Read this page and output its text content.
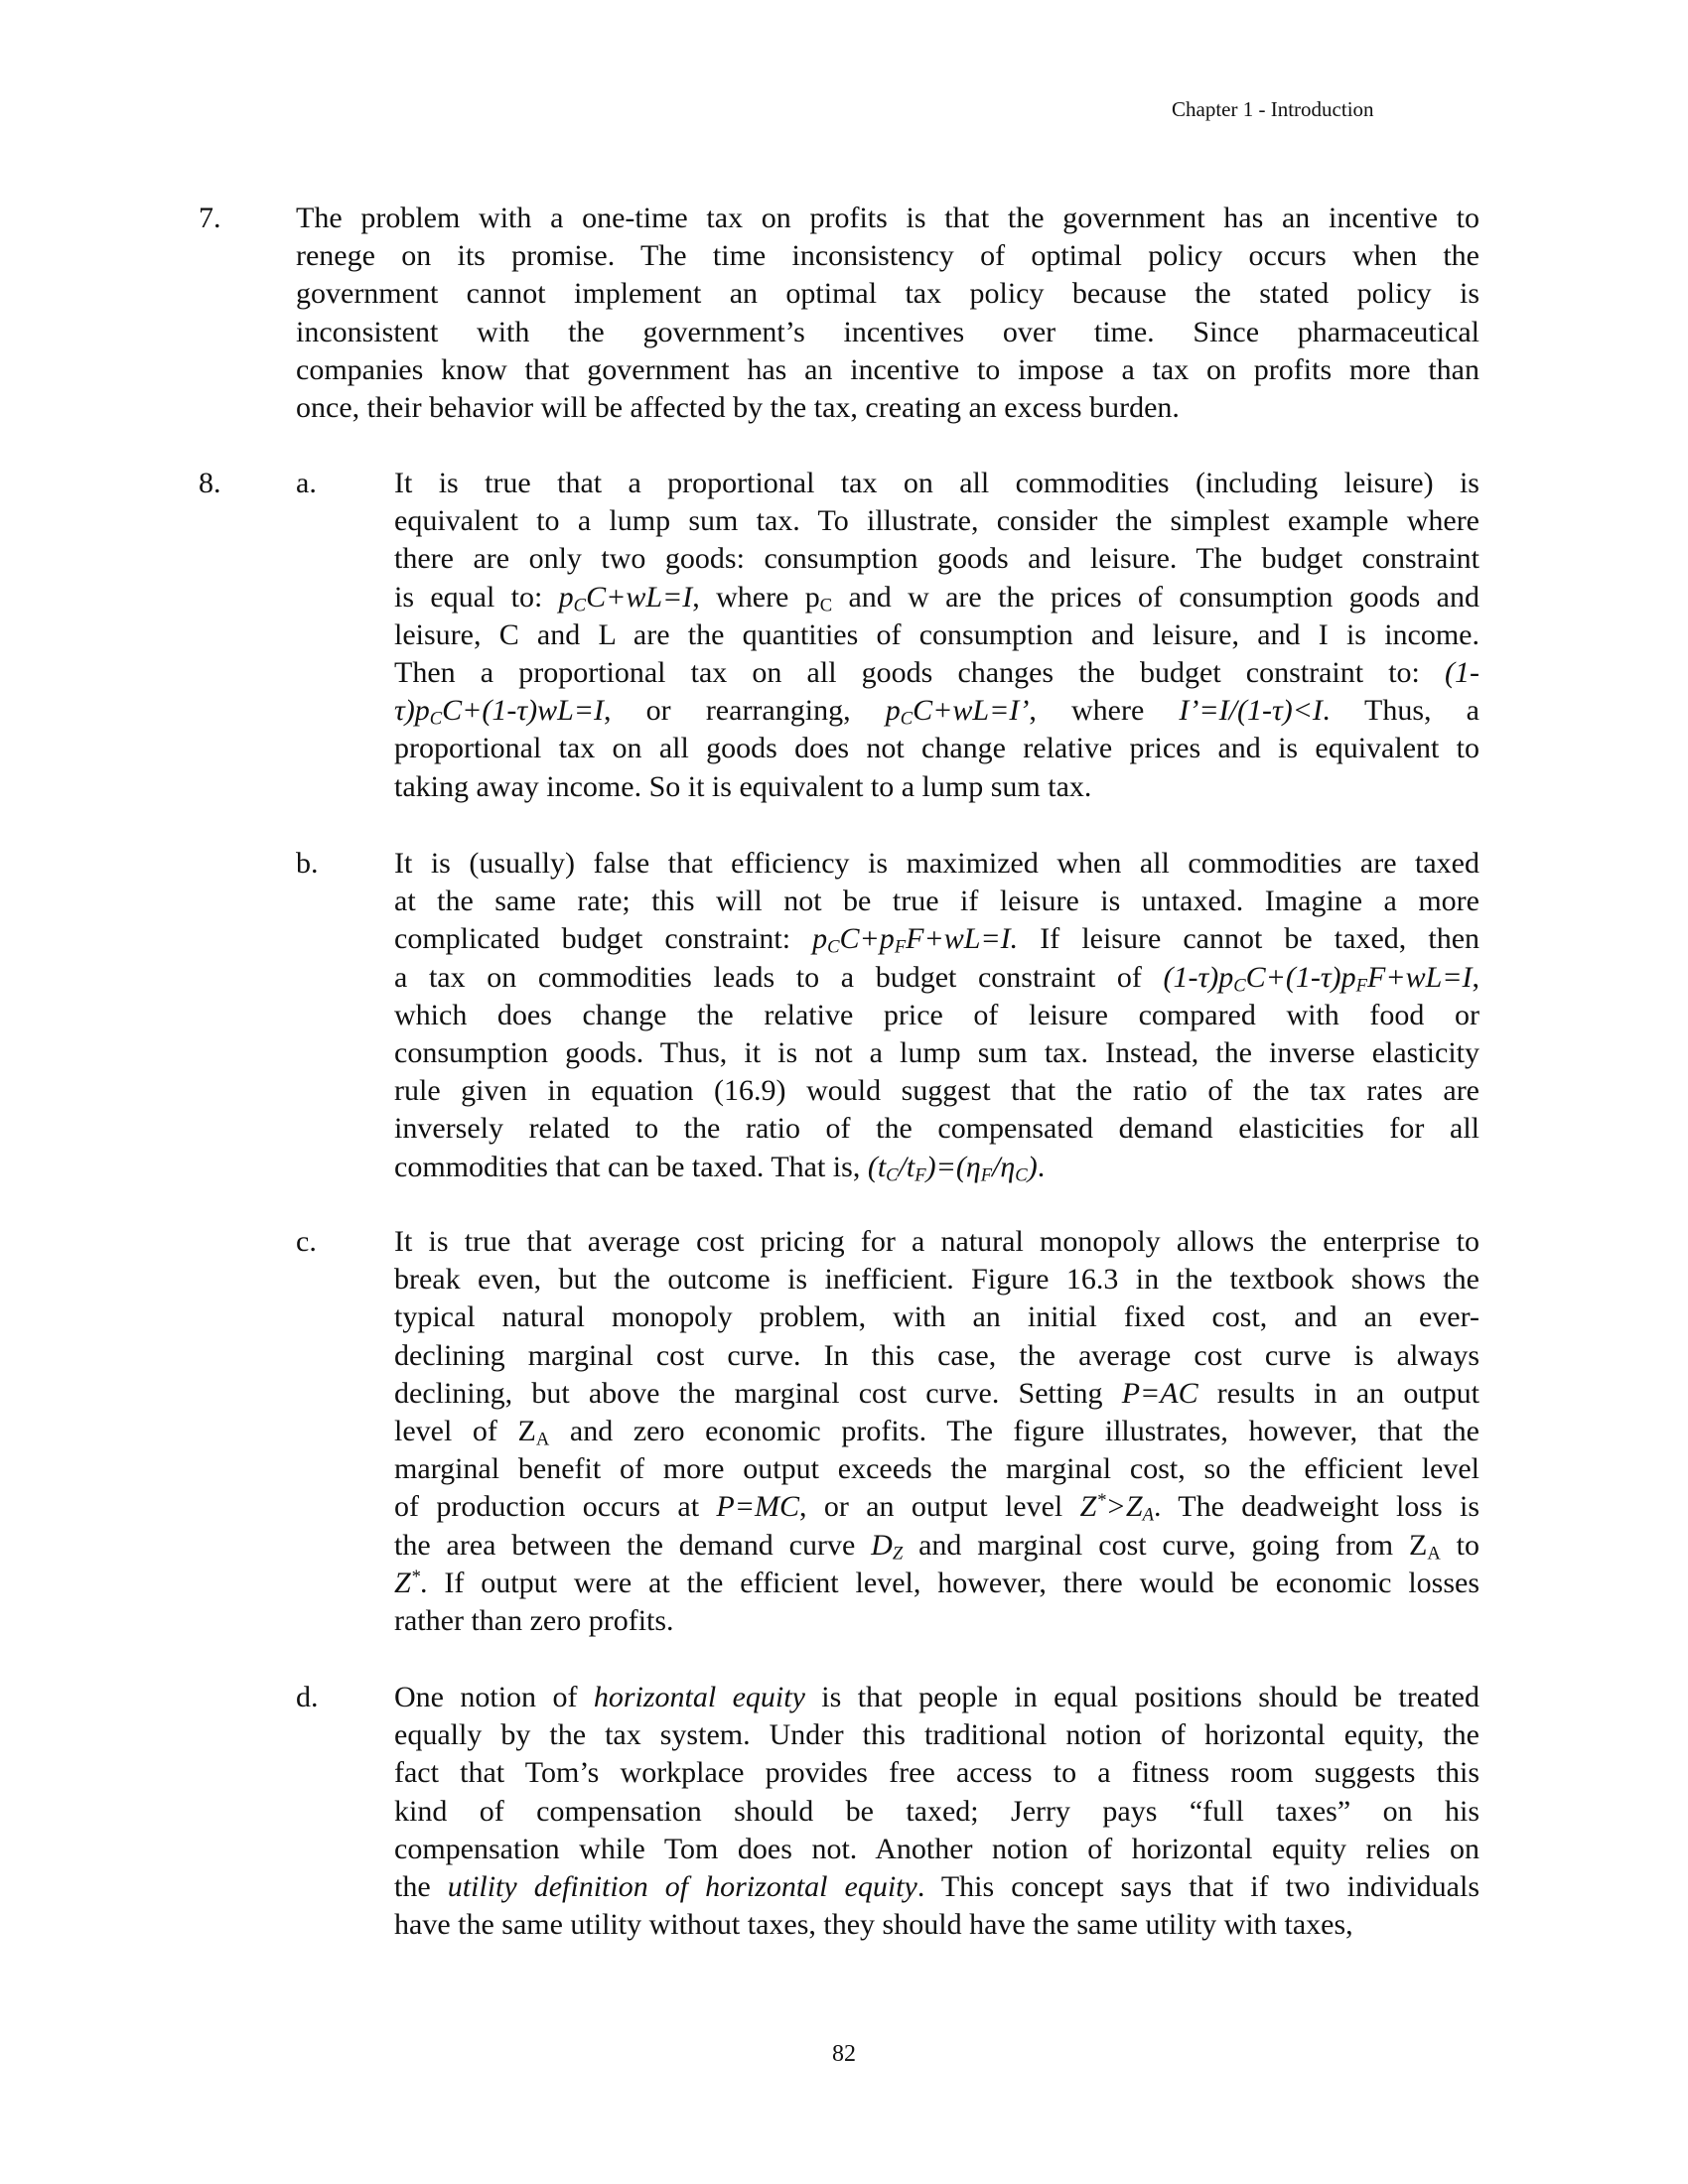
Chapter 1 - Introduction
7.	The problem with a one-time tax on profits is that the government has an incentive to
renege on its promise. The time inconsistency of optimal policy occurs when the
government cannot implement an optimal tax policy because the stated policy is
inconsistent with the government’s incentives over time. Since pharmaceutical
companies know that government has an incentive to impose a tax on profits more than
once, their behavior will be affected by the tax, creating an excess burden.
8.	a.	It is true that a proportional tax on all commodities (including leisure) is
equivalent to a lump sum tax. To illustrate, consider the simplest example where
there are only two goods: consumption goods and leisure. The budget constraint
is equal to: $p_CC+wL=I$, where $p_C$ and w are the prices of consumption goods and
leisure, C and L are the quantities of consumption and leisure, and I is income.
Then a proportional tax on all goods changes the budget constraint to: (1-
$\tau)p_CC+(1-\tau)wL=I$, or rearranging, $p_CC+wL=I$’, where I’=I/(1-τ)<I. Thus, a
proportional tax on all goods does not change relative prices and is equivalent to
taking away income. So it is equivalent to a lump sum tax.
b.	It is (usually) false that efficiency is maximized when all commodities are taxed
at the same rate; this will not be true if leisure is untaxed. Imagine a more
complicated budget constraint: $p_CC+p_FF+wL=I$. If leisure cannot be taxed, then
a tax on commodities leads to a budget constraint of $(1-\tau)p_CC+(1-\tau)p_FF+wL=I$,
which does change the relative price of leisure compared with food or
consumption goods. Thus, it is not a lump sum tax. Instead, the inverse elasticity
rule given in equation (16.9) would suggest that the ratio of the tax rates are
inversely related to the ratio of the compensated demand elasticities for all
commodities that can be taxed. That is, $(t_C/t_F)=(\eta_F/\eta_C)$.
c.	It is true that average cost pricing for a natural monopoly allows the enterprise to
break even, but the outcome is inefficient. Figure 16.3 in the textbook shows the
typical natural monopoly problem, with an initial fixed cost, and an ever-
declining marginal cost curve. In this case, the average cost curve is always
declining, but above the marginal cost curve. Setting P=AC results in an output
level of $Z_A$ and zero economic profits. The figure illustrates, however, that the
marginal benefit of more output exceeds the marginal cost, so the efficient level
of production occurs at P=MC, or an output level $Z^*>Z_A$. The deadweight loss is
the area between the demand curve $D_Z$ and marginal cost curve, going from $Z_A$ to
Z*. If output were at the efficient level, however, there would be economic losses
rather than zero profits.
d.	One notion of horizontal equity is that people in equal positions should be treated
equally by the tax system. Under this traditional notion of horizontal equity, the
fact that Tom’s workplace provides free access to a fitness room suggests this
kind of compensation should be taxed; Jerry pays “full taxes” on his
compensation while Tom does not. Another notion of horizontal equity relies on
the utility definition of horizontal equity. This concept says that if two individuals
have the same utility without taxes, they should have the same utility with taxes,
82
